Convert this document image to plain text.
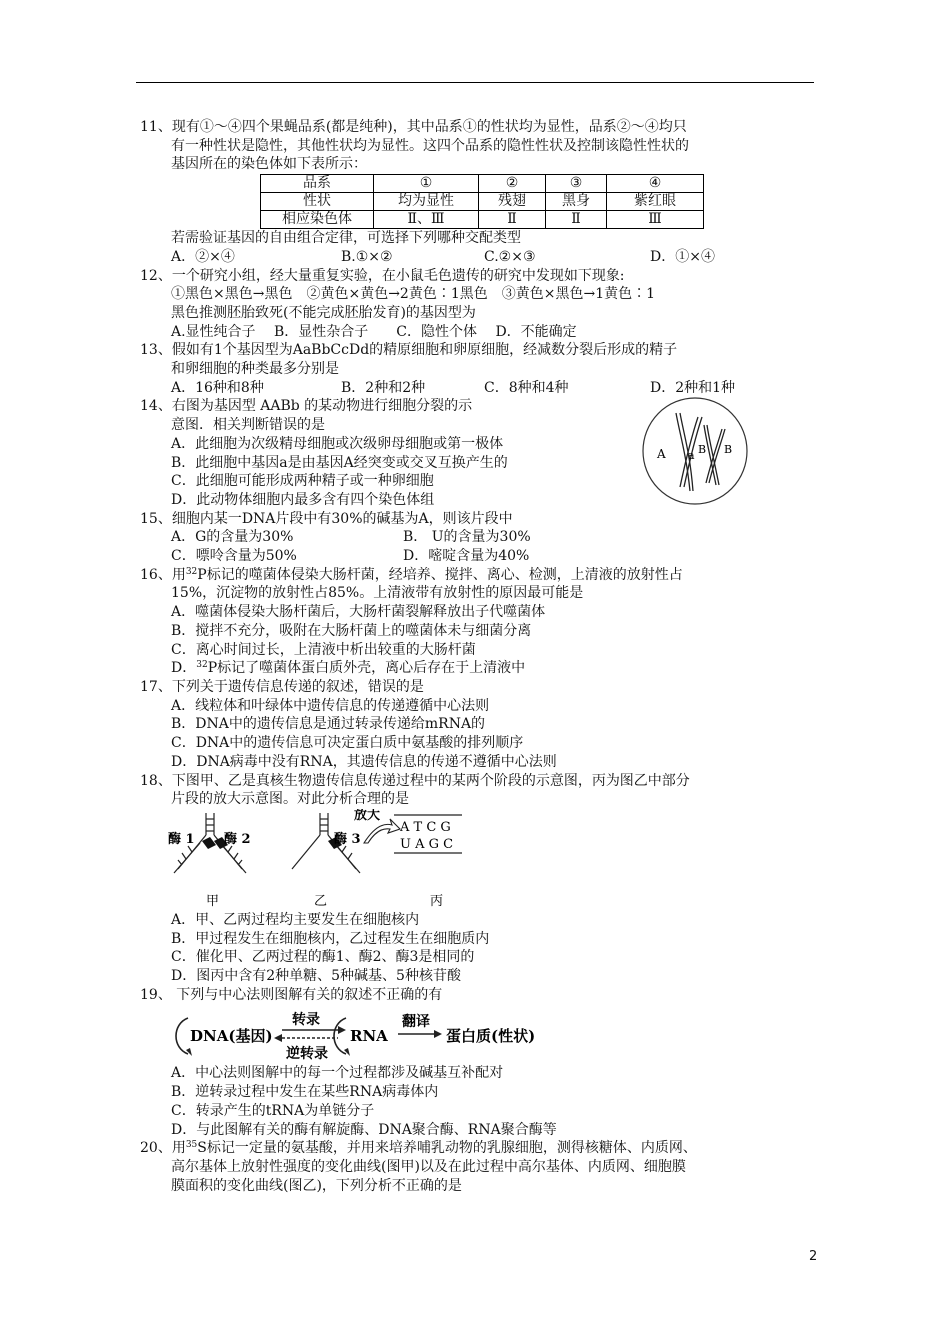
11、现有①～④四个果蝇品系(都是纯种)，其中品系①的性状均为显性，品系②～④均只
有一种性状是隐性，其他性状均为显性。这四个品系的隐性性状及控制该隐性性状的
基因所在的染色体如下表所示：
品系	①	②	③	④
性状	均为显性	残翅	黑身	紫红眼
相应染色体	Ⅱ、Ⅲ	Ⅱ	Ⅱ	Ⅲ
若需验证基因的自由组合定律，可选择下列哪种交配类型
A．②×④	B.①×②	C.②×③	D．①×④
12、一个研究小组，经大量重复实验，在小鼠毛色遗传的研究中发现如下现象:
①黑色×黑色→黑色　②黄色×黄色→2黄色∶1黑色　③黄色×黑色→1黄色∶1
黑色推测胚胎致死(不能完成胚胎发育)的基因型为
A.显性纯合子　 B．显性杂合子　　C．隐性个体　 D．不能确定
13、假如有1个基因型为AaBbCcDd的精原细胞和卵原细胞，经减数分裂后形成的精子
和卵细胞的种类最多分别是
A．16种和8种	B．2种和2种	C．8种和4种	D．2种和1种
14、右图为基因型 AABb 的某动物进行细胞分裂的示
意图．相关判断错误的是
A．此细胞为次级精母细胞或次级卵母细胞或第一极体
B．此细胞中基因a是由基因A经突变或交叉互换产生的
C．此细胞可能形成两种精子或一种卵细胞
D．此动物体细胞内最多含有四个染色体组
A a B B
15、细胞内某一DNA片段中有30%的碱基为A，则该片段中
A．G的含量为30%	B． U的含量为30%
C．嘌呤含量为50%	D．嘧啶含量为40%
16、用$^{32}$P标记的噬菌体侵染大肠杆菌，经培养、搅拌、离心、检测，上清液的放射性占
15%，沉淀物的放射性占85%。上清液带有放射性的原因最可能是
A．噬菌体侵染大肠杆菌后，大肠杆菌裂解释放出子代噬菌体
B．搅拌不充分，吸附在大肠杆菌上的噬菌体未与细菌分离
C．离心时间过长，上清液中析出较重的大肠杆菌
D．$^{32}$P标记了噬菌体蛋白质外壳，离心后存在于上清液中
17、下列关于遗传信息传递的叙述，错误的是
A．线粒体和叶绿体中遗传信息的传递遵循中心法则
B．DNA中的遗传信息是通过转录传递给mRNA的
C．DNA中的遗传信息可决定蛋白质中氨基酸的排列顺序
D．DNA病毒中没有RNA，其遗传信息的传递不遵循中心法则
18、下图甲、乙是真核生物遗传信息传递过程中的某两个阶段的示意图，丙为图乙中部分
片段的放大示意图。对此分析合理的是
酶 1 酶 2	酶 3
放大
A T C G
U A G C
甲	乙	丙
A．甲、乙两过程均主要发生在细胞核内
B．甲过程发生在细胞核内，乙过程发生在细胞质内
C．催化甲、乙两过程的酶1、酶2、酶3是相同的
D．图丙中含有2种单糖、5种碱基、5种核苷酸
19、 下列与中心法则图解有关的叙述不正确的有
DNA(基因)
转录
逆转录
RNA
翻译
蛋白质(性状)
A．中心法则图解中的每一个过程都涉及碱基互补配对
B．逆转录过程中发生在某些RNA病毒体内
C．转录产生的tRNA为单链分子
D．与此图解有关的酶有解旋酶、DNA聚合酶、RNA聚合酶等
20、用$^{35}$S标记一定量的氨基酸，并用来培养哺乳动物的乳腺细胞，测得核糖体、内质网、
高尔基体上放射性强度的变化曲线(图甲)以及在此过程中高尔基体、内质网、细胞膜
膜面积的变化曲线(图乙)，下列分析不正确的是
2
